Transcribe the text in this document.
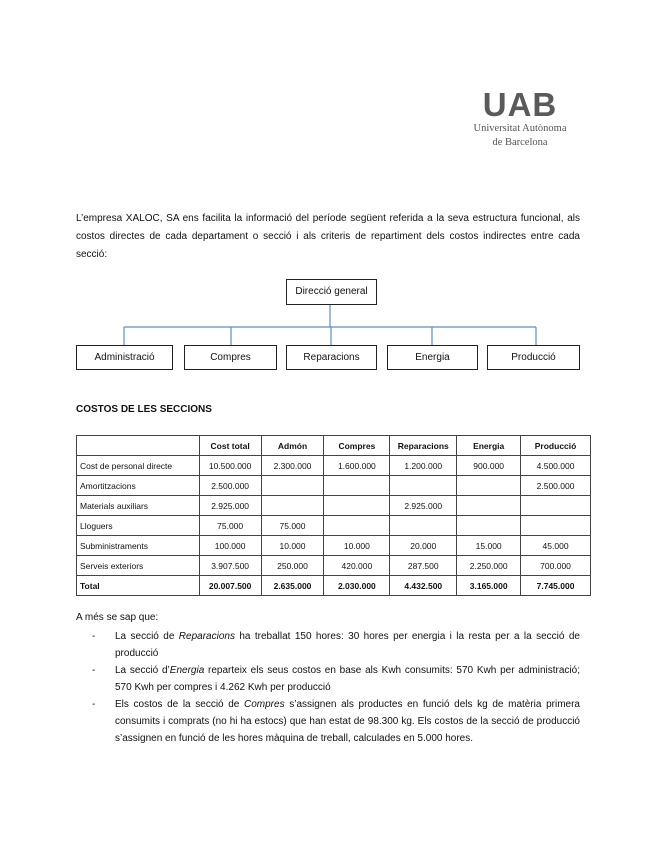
UAB
Universitat Autònoma
de Barcelona
L’empresa XALOC, SA ens facilita la informació del període següent referida a la seva estructura funcional, als costos directes de cada departament o secció i als criteris de repartiment dels costos indirectes entre cada secció:
Direcció general
Administració	Compres	Reparacions	Energia	Producció
COSTOS DE LES SECCIONS
	Cost total	Admón	Compres	Reparacions	Energia	Producció
Cost de personal directe	10.500.000	2.300.000	1.600.000	1.200.000	900.000	4.500.000
Amortitzacions	2.500.000					2.500.000
Materials auxiliars	2.925.000			2.925.000		
Lloguers	75.000	75.000				
Subministraments	100.000	10.000	10.000	20.000	15.000	45.000
Serveis exteriors	3.907.500	250.000	420.000	287.500	2.250.000	700.000
Total	20.007.500	2.635.000	2.030.000	4.432.500	3.165.000	7.745.000
A més se sap que:
- La secció de Reparacions ha treballat 150 hores: 30 hores per energia i la resta per a la secció de producció
- La secció d’Energia reparteix els seus costos en base als Kwh consumits: 570 Kwh per administració; 570 Kwh per compres i 4.262 Kwh per producció
- Els costos de la secció de Compres s’assignen als productes en funció dels kg de matèria primera consumits i comprats (no hi ha estocs) que han estat de 98.300 kg. Els costos de la secció de producció s’assignen en funció de les hores màquina de treball, calculades en 5.000 hores.
